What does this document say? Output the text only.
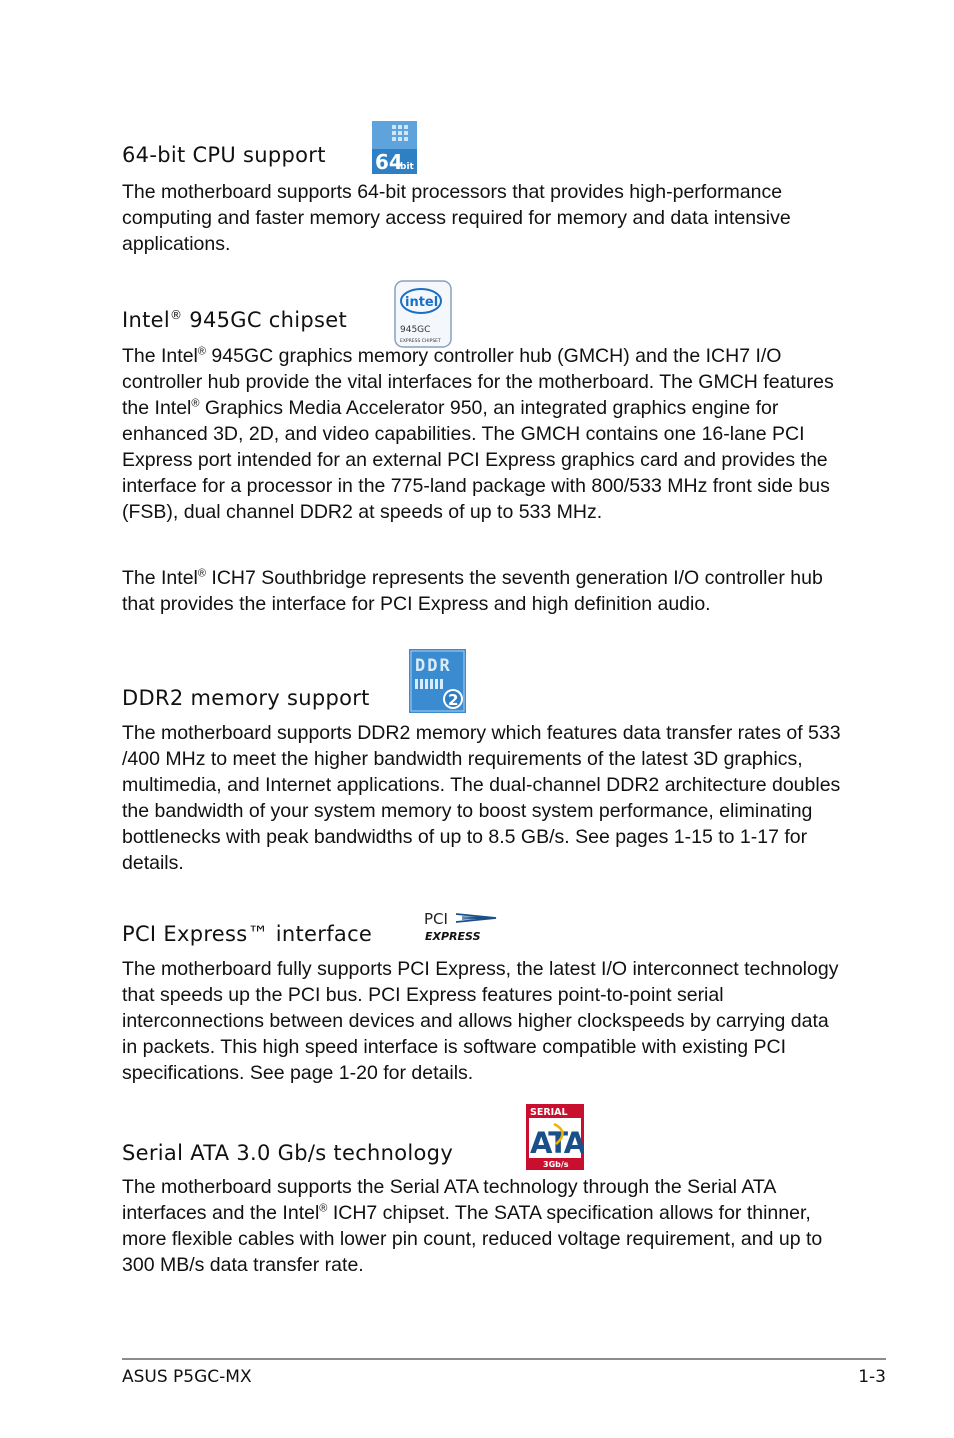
64-bit CPU support 64
bit

The motherboard supports 64-bit processors that provides high-performance computing and faster memory access required for memory and data intensive applications.

Intel® 945GC chipset
intel
945GC
EXPRESS CHIPSET

The Intel® 945GC graphics memory controller hub (GMCH) and the ICH7 I/O controller hub provide the vital interfaces for the motherboard. The GMCH features the Intel® Graphics Media Accelerator 950, an integrated graphics engine for enhanced 3D, 2D, and video capabilities. The GMCH contains one 16-lane PCI Express port intended for an external PCI Express graphics card and provides the interface for a processor in the 775-land package with 800/533 MHz front side bus (FSB), dual channel DDR2 at speeds of up to 533 MHz.

The Intel® ICH7 Southbridge represents the seventh generation I/O controller hub that provides the interface for PCI Express and high definition audio.

DDR2 memory support
DDR
2

The motherboard supports DDR2 memory which features data transfer rates of 533 /400 MHz to meet the higher bandwidth requirements of the latest 3D graphics, multimedia, and Internet applications. The dual-channel DDR2 architecture doubles the bandwidth of your system memory to boost system performance, eliminating bottlenecks with peak bandwidths of up to 8.5 GB/s. See pages 1-15 to 1-17 for details.

PCI Express™ interface
PCI
EXPRESS

The motherboard fully supports PCI Express, the latest I/O interconnect technology that speeds up the PCI bus. PCI Express features point-to-point serial interconnections between devices and allows higher clockspeeds by carrying data in packets. This high speed interface is software compatible with existing PCI specifications. See page 1-20 for details.

Serial ATA 3.0 Gb/s technology
SERIAL
ATA
3Gb/s

The motherboard supports the Serial ATA technology through the Serial ATA interfaces and the Intel® ICH7 chipset. The SATA specification allows for thinner, more flexible cables with lower pin count, reduced voltage requirement, and up to 300 MB/s data transfer rate.

ASUS P5GC-MX	1-3
